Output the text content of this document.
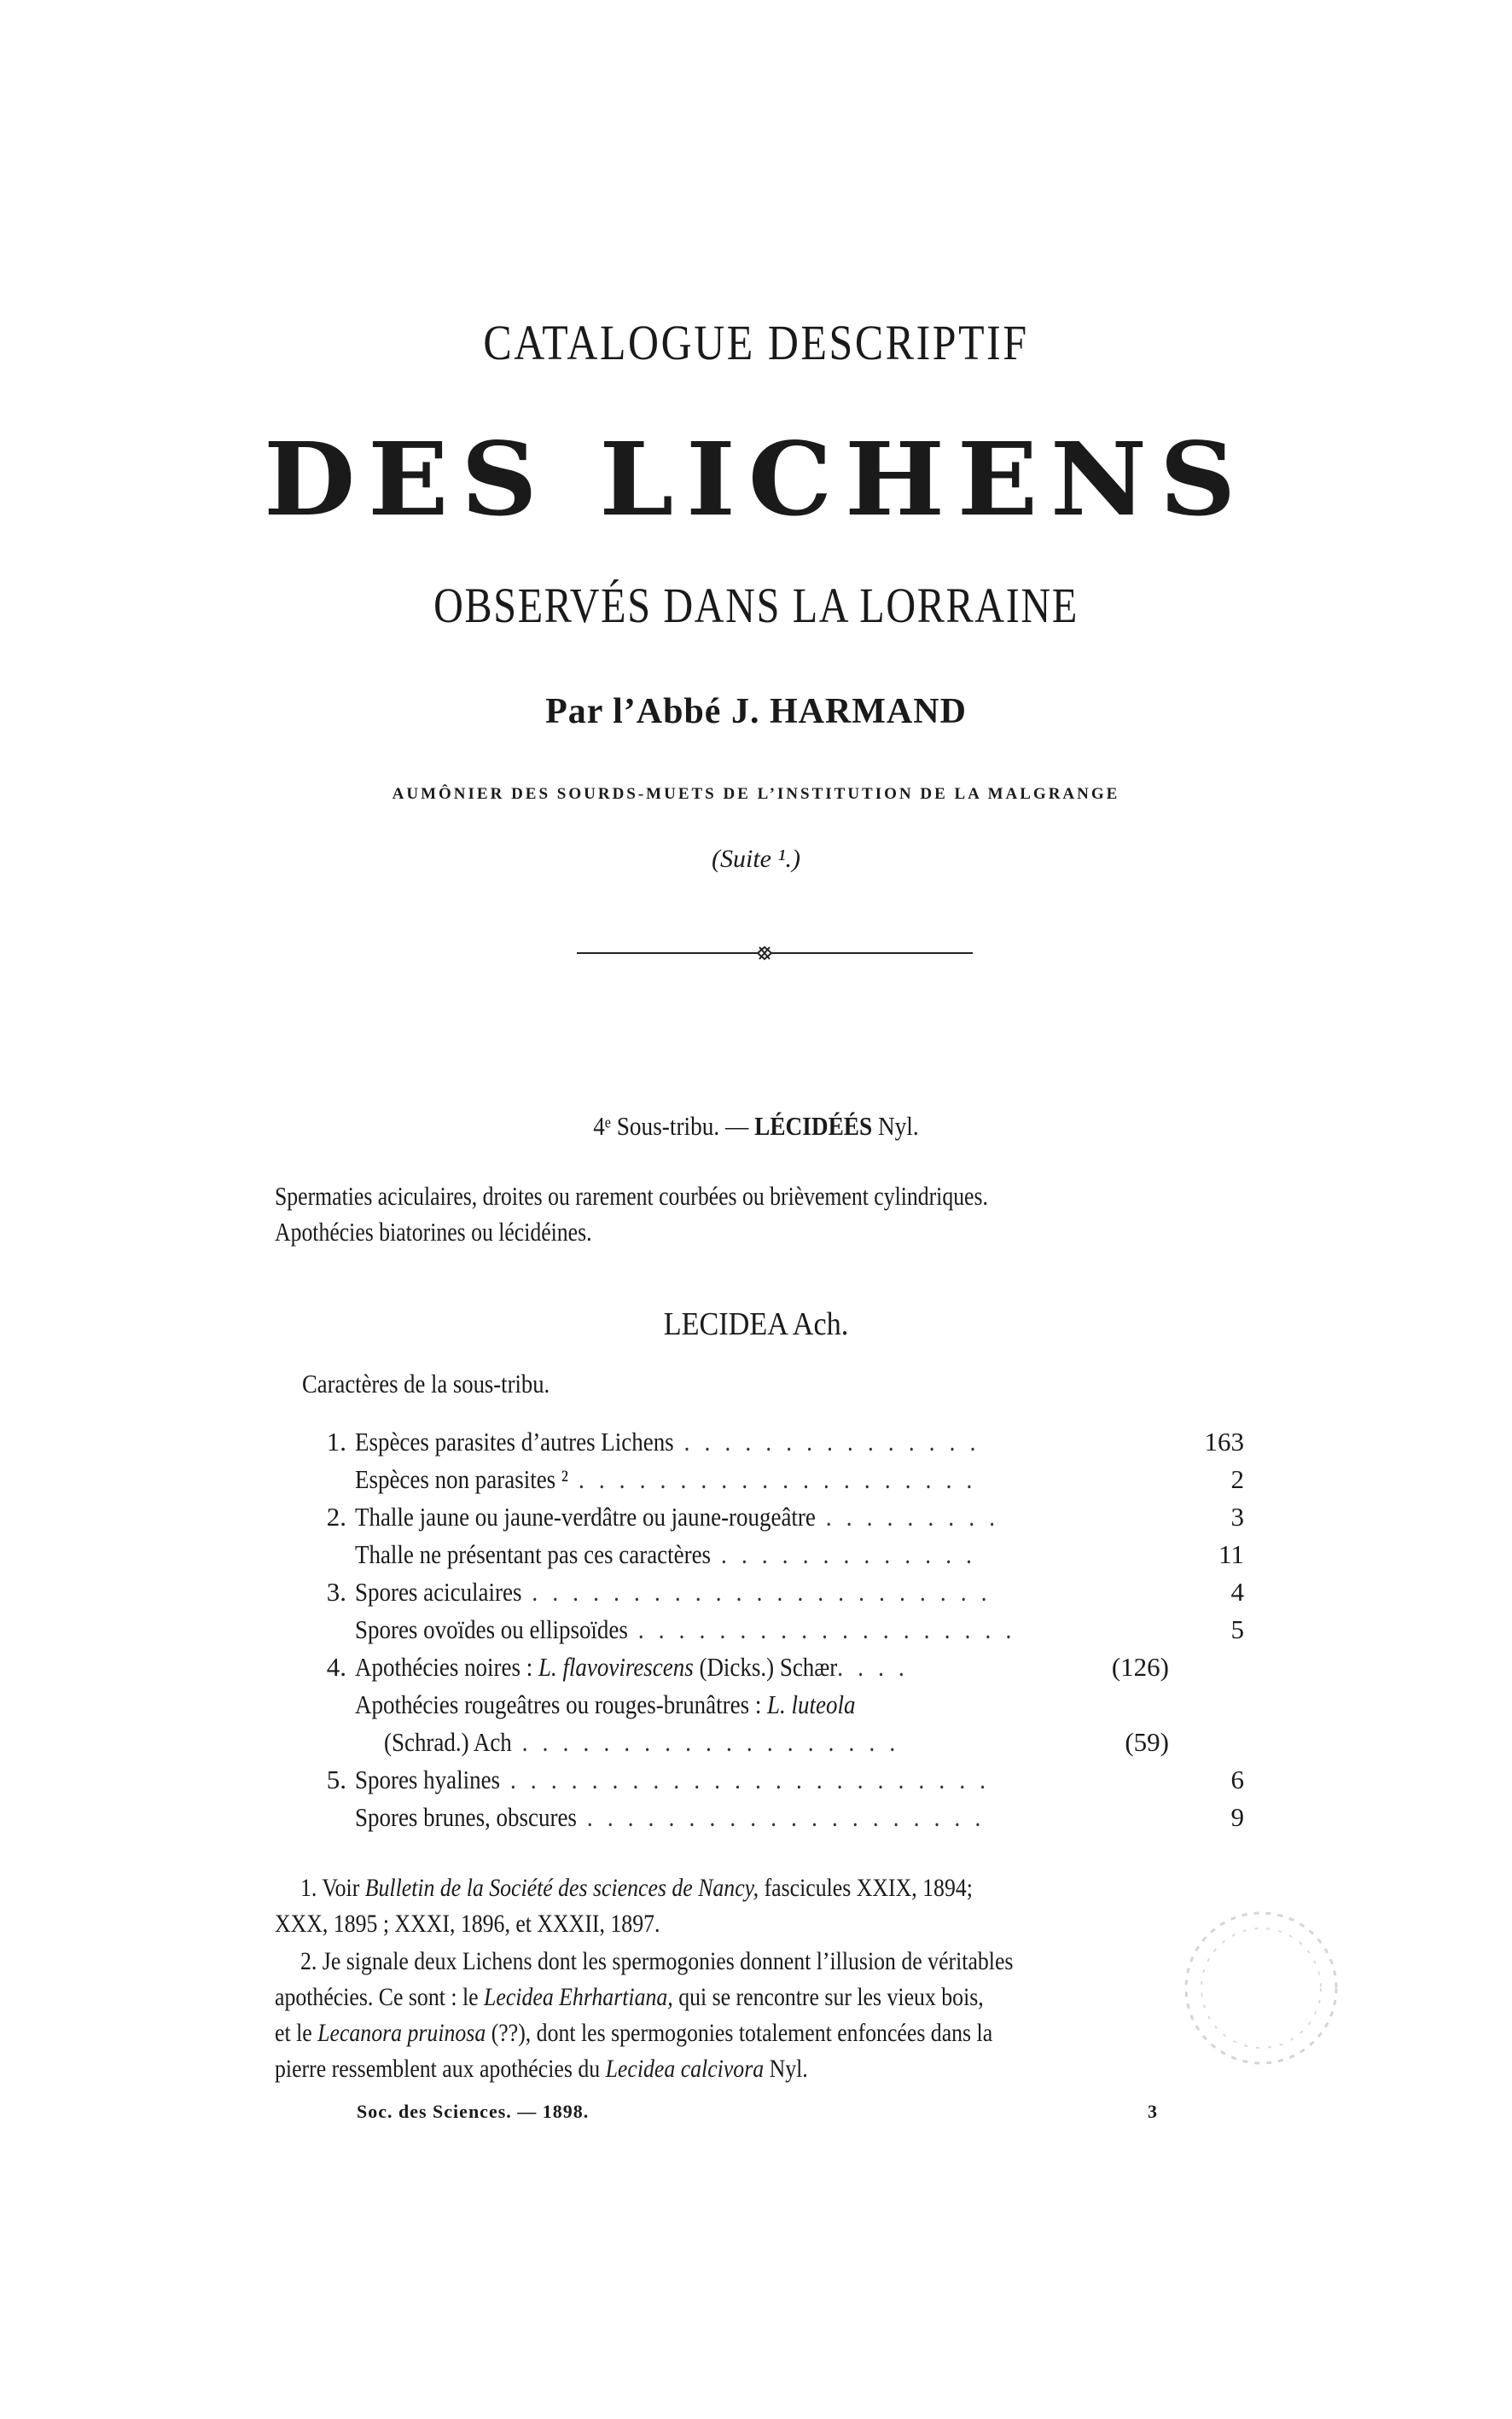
CATALOGUE DESCRIPTIF
DES LICHENS
OBSERVÉS DANS LA LORRAINE
Par l’Abbé J. HARMAND
AUMÔNIER DES SOURDS-MUETS DE L’INSTITUTION DE LA MALGRANGE
(Suite ¹.)
4ᵉ Sous-tribu. — LÉCIDÉÉS Nyl.
Spermaties aciculaires, droites ou rarement courbées ou brièvement cylindriques.
Apothécies biatorines ou lécidéines.
LECIDEA Ach.
Caractères de la sous-tribu.
1. Espèces parasites d’autres Lichens . . . . . . . . . . . . . . .	163
Espèces non parasites ² . . . . . . . . . . . . . . . . . . . .	2
2. Thalle jaune ou jaune-verdâtre ou jaune-rougeâtre . . . . . . . . .	3
Thalle ne présentant pas ces caractères . . . . . . . . . . . . .	11
3. Spores aciculaires . . . . . . . . . . . . . . . . . . . . . . .	4
Spores ovoïdes ou ellipsoïdes . . . . . . . . . . . . . . . . . . .	5
4. Apothécies noires : L. flavovirescens (Dicks.) Schær. . . .	(126)
Apothécies rougeâtres ou rouges-brunâtres : L. luteola
(Schrad.) Ach . . . . . . . . . . . . . . . . . . .	(59)
5. Spores hyalines . . . . . . . . . . . . . . . . . . . . . . . .	6
Spores brunes, obscures . . . . . . . . . . . . . . . . . . . .	9
1. Voir Bulletin de la Société des sciences de Nancy, fascicules XXIX, 1894;
XXX, 1895 ; XXXI, 1896, et XXXII, 1897.
2. Je signale deux Lichens dont les spermogonies donnent l’illusion de véritables
apothécies. Ce sont : le Lecidea Ehrhartiana, qui se rencontre sur les vieux bois,
et le Lecanora pruinosa (??), dont les spermogonies totalement enfoncées dans la
pierre ressemblent aux apothécies du Lecidea calcivora Nyl.
Soc. des Sciences. — 1898.	3
